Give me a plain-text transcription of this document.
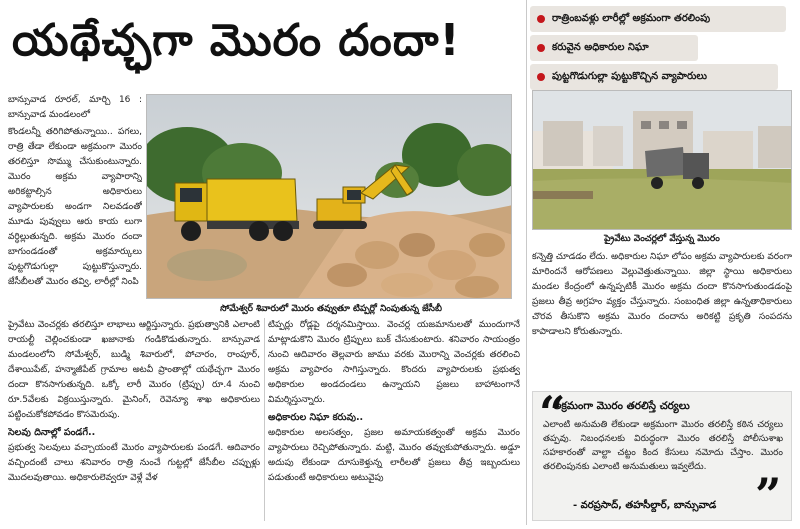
యథేచ్ఛగా మొరం దందా!	రాత్రింబవళ్లు లారీల్లో అక్రమంగా తరలింపు
కరువైన అధికారుల నిఘా
పుట్టగొడుగుల్లా పుట్టుకొచ్చిన వ్యాపారులు
సోమేశ్వర్ శివారులో మొరం తవ్వుతూ టిప్పర్లో నింపుతున్న జేసీబీ
ప్రైవేటు వెంచర్లలో వేస్తున్న మొరం

బాన్సువాడ రూరల్, మార్చి 16 : బాన్సువాడ మండలంలో

కొండలన్నీ తరిగిపోతున్నాయి.. పగలు, రాత్రి తేడా లేకుండా అక్రమంగా మొరం తరలిస్తూ సొమ్ము చేసుకుంటున్నారు. మొరం అక్రమ వ్యాపారాన్ని అరికట్టాల్సిన అధికారులు వ్యాపారులకు అండగా నిలవడంతో మూడు పువ్వులు ఆరు కాయ లుగా వర్ధిల్లుతున్నది. అక్రమ మొరం దందా బాగుండడంతో అక్రమార్కులు పుట్టగొడుగుల్లా పుట్టుకొస్తున్నారు. జేసీబీలతో మొరం తవ్వి, లారీల్లో నింపి

ప్రైవేటు వెంచర్లకు తరలిస్తూ లాభాలు ఆర్జిస్తున్నారు. ప్రభుత్వానికి ఎలాంటి రాయల్టీ చెల్లించకుండా ఖజానాకు గండికొడుతున్నారు. బాన్సువాడ మండలంలోని సోమేశ్వర్, బుడ్మి శివారులో, పోచారం, రాంపూర్, దేశాయిపేట్, హన్మాజీపేట్ గ్రామాల అటవీ ప్రాంతాల్లో యథేచ్ఛగా మొరం దందా కొనసాగుతున్నది. ఒక్కో లారీ మొరం (ట్రిప్పు) రూ.4 నుంచి రూ.5వేలకు విక్రయిస్తున్నారు. మైనింగ్, రెవెన్యూ శాఖ అధికారులు పట్టించుకోకపోవడం కొసమెరుపు.

సెలవు దినాల్లో పండగే..

ప్రభుత్వ సెలవులు వచ్చాయంటే మొరం వ్యాపారులకు పండగే. ఆదివారం వచ్చిందంటే చాలు శనివారం రాత్రి నుంచే గుట్టల్లో జేసీబీల చప్పుళ్లు మొదలవుతాయి. అధికారులెవ్వరూ వెళ్లే వేళ

టిప్పర్లు రోడ్లపై దర్శనమిస్తాయి. వెంచర్ల యజమానులతో ముందుగానే మాట్లాడుకొని మొరం ట్రిప్పులు బుక్ చేసుకుంటారు. శనివారం సాయంత్రం నుంచి ఆదివారం తెల్లవారు జాము వరకు మొరాన్ని వెంచర్లకు తరలించి అక్రమ వ్యాపారం సాగిస్తున్నారు. కొందరు వ్యాపారులకు ప్రభుత్వ అధికారుల అండదండలు ఉన్నాయని ప్రజలు బాహాటంగానే విమర్శిస్తున్నారు.

అధికారుల నిఘా కరువు..

అధికారుల అలసత్వం, ప్రజల అమాయకత్వంతో అక్రమ మొరం వ్యాపారులు రెచ్చిపోతున్నారు. మట్టి, మొరం తవ్వుకుపోతున్నారు. అడ్డూ అదుపు లేకుండా దూసుకెళ్తున్న లారీలతో ప్రజలు తీవ్ర ఇబ్బందులు పడుతుంటే అధికారులు అటువైపు

కన్నెత్తి చూడడం లేదు. అధికారుల నిఘా లోపం అక్రమ వ్యాపారులకు వరంగా మారిందనే ఆరోపణలు వెల్లువెత్తుతున్నాయి. జిల్లా స్థాయి అధికారులు మండల కేంద్రంలో ఉన్నప్పటికీ మొరం అక్రమ దందా కొనసాగుతుండడంపై ప్రజలు తీవ్ర అగ్రహం వ్యక్తం చేస్తున్నారు. సంబంధిత జిల్లా ఉన్నతాధికారులు చొరవ తీసుకొని అక్రమ మొరం దందాను అరికట్టి ప్రకృతి సంపదను కాపాడాలని కోరుతున్నారు.

“
అక్రమంగా మొరం తరలిస్తే చర్యలు
ఎలాంటి అనుమతి లేకుండా అక్రమంగా మొరం తరలిస్తే కఠిన చర్యలు తప్పవు. నిబంధనలకు విరుద్ధంగా మొరం తరలిస్తే పోలీసుశాఖ సహకారంతో వాల్టా చట్టం కింద కేసులు నమోదు చేస్తాం. మొరం తరలింపునకు ఎలాంటి అనుమతులు ఇవ్వలేదు.
”
- వరప్రసాద్, తహసీల్దార్, బాన్సువాడ
